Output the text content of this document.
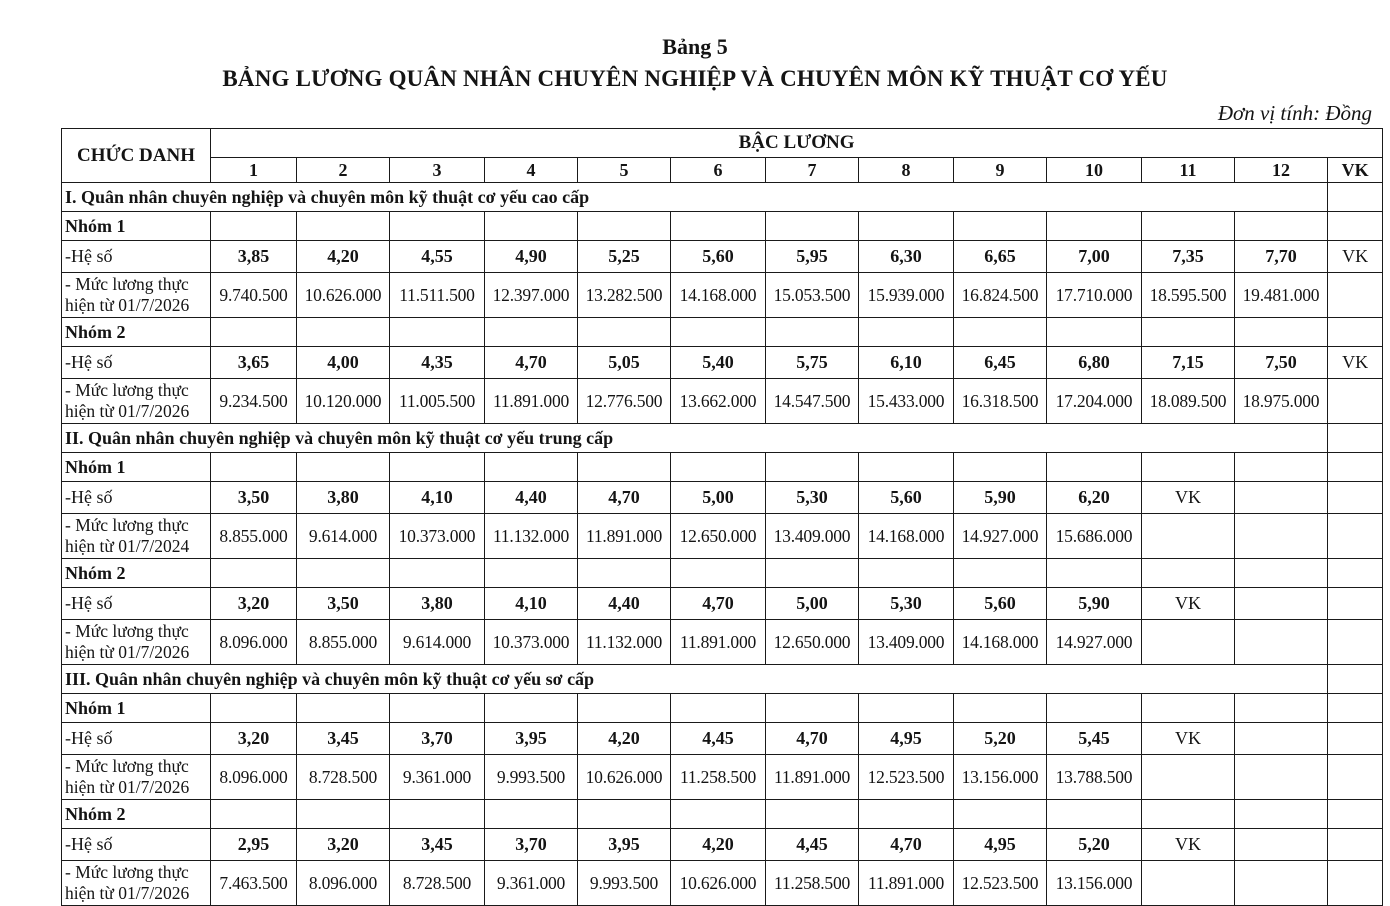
Bảng 5
BẢNG LƯƠNG QUÂN NHÂN CHUYÊN NGHIỆP VÀ CHUYÊN MÔN KỸ THUẬT CƠ YẾU
Đơn vị tính: Đồng
CHỨC DANH	BẬC LƯƠNG												
	1	2	3	4	5	6	7	8	9	10	11	12	VK
I. Quân nhân chuyên nghiệp và chuyên môn kỹ thuật cơ yếu cao cấp													
Nhóm 1													
-Hệ số	3,85	4,20	4,55	4,90	5,25	5,60	5,95	6,30	6,65	7,00	7,35	7,70	VK
- Mức lương thực hiện từ 01/7/2026	9.740.500	10.626.000	11.511.500	12.397.000	13.282.500	14.168.000	15.053.500	15.939.000	16.824.500	17.710.000	18.595.500	19.481.000	
Nhóm 2													
-Hệ số	3,65	4,00	4,35	4,70	5,05	5,40	5,75	6,10	6,45	6,80	7,15	7,50	VK
- Mức lương thực hiện từ 01/7/2026	9.234.500	10.120.000	11.005.500	11.891.000	12.776.500	13.662.000	14.547.500	15.433.000	16.318.500	17.204.000	18.089.500	18.975.000	
II. Quân nhân chuyên nghiệp và chuyên môn kỹ thuật cơ yếu trung cấp													
Nhóm 1													
-Hệ số	3,50	3,80	4,10	4,40	4,70	5,00	5,30	5,60	5,90	6,20	VK		
- Mức lương thực hiện từ 01/7/2024	8.855.000	9.614.000	10.373.000	11.132.000	11.891.000	12.650.000	13.409.000	14.168.000	14.927.000	15.686.000			
Nhóm 2													
-Hệ số	3,20	3,50	3,80	4,10	4,40	4,70	5,00	5,30	5,60	5,90	VK		
- Mức lương thực hiện từ 01/7/2026	8.096.000	8.855.000	9.614.000	10.373.000	11.132.000	11.891.000	12.650.000	13.409.000	14.168.000	14.927.000			
III. Quân nhân chuyên nghiệp và chuyên môn kỹ thuật cơ yếu sơ cấp													
Nhóm 1													
-Hệ số	3,20	3,45	3,70	3,95	4,20	4,45	4,70	4,95	5,20	5,45	VK		
- Mức lương thực hiện từ 01/7/2026	8.096.000	8.728.500	9.361.000	9.993.500	10.626.000	11.258.500	11.891.000	12.523.500	13.156.000	13.788.500			
Nhóm 2													
-Hệ số	2,95	3,20	3,45	3,70	3,95	4,20	4,45	4,70	4,95	5,20	VK		
- Mức lương thực hiện từ 01/7/2026	7.463.500	8.096.000	8.728.500	9.361.000	9.993.500	10.626.000	11.258.500	11.891.000	12.523.500	13.156.000			
